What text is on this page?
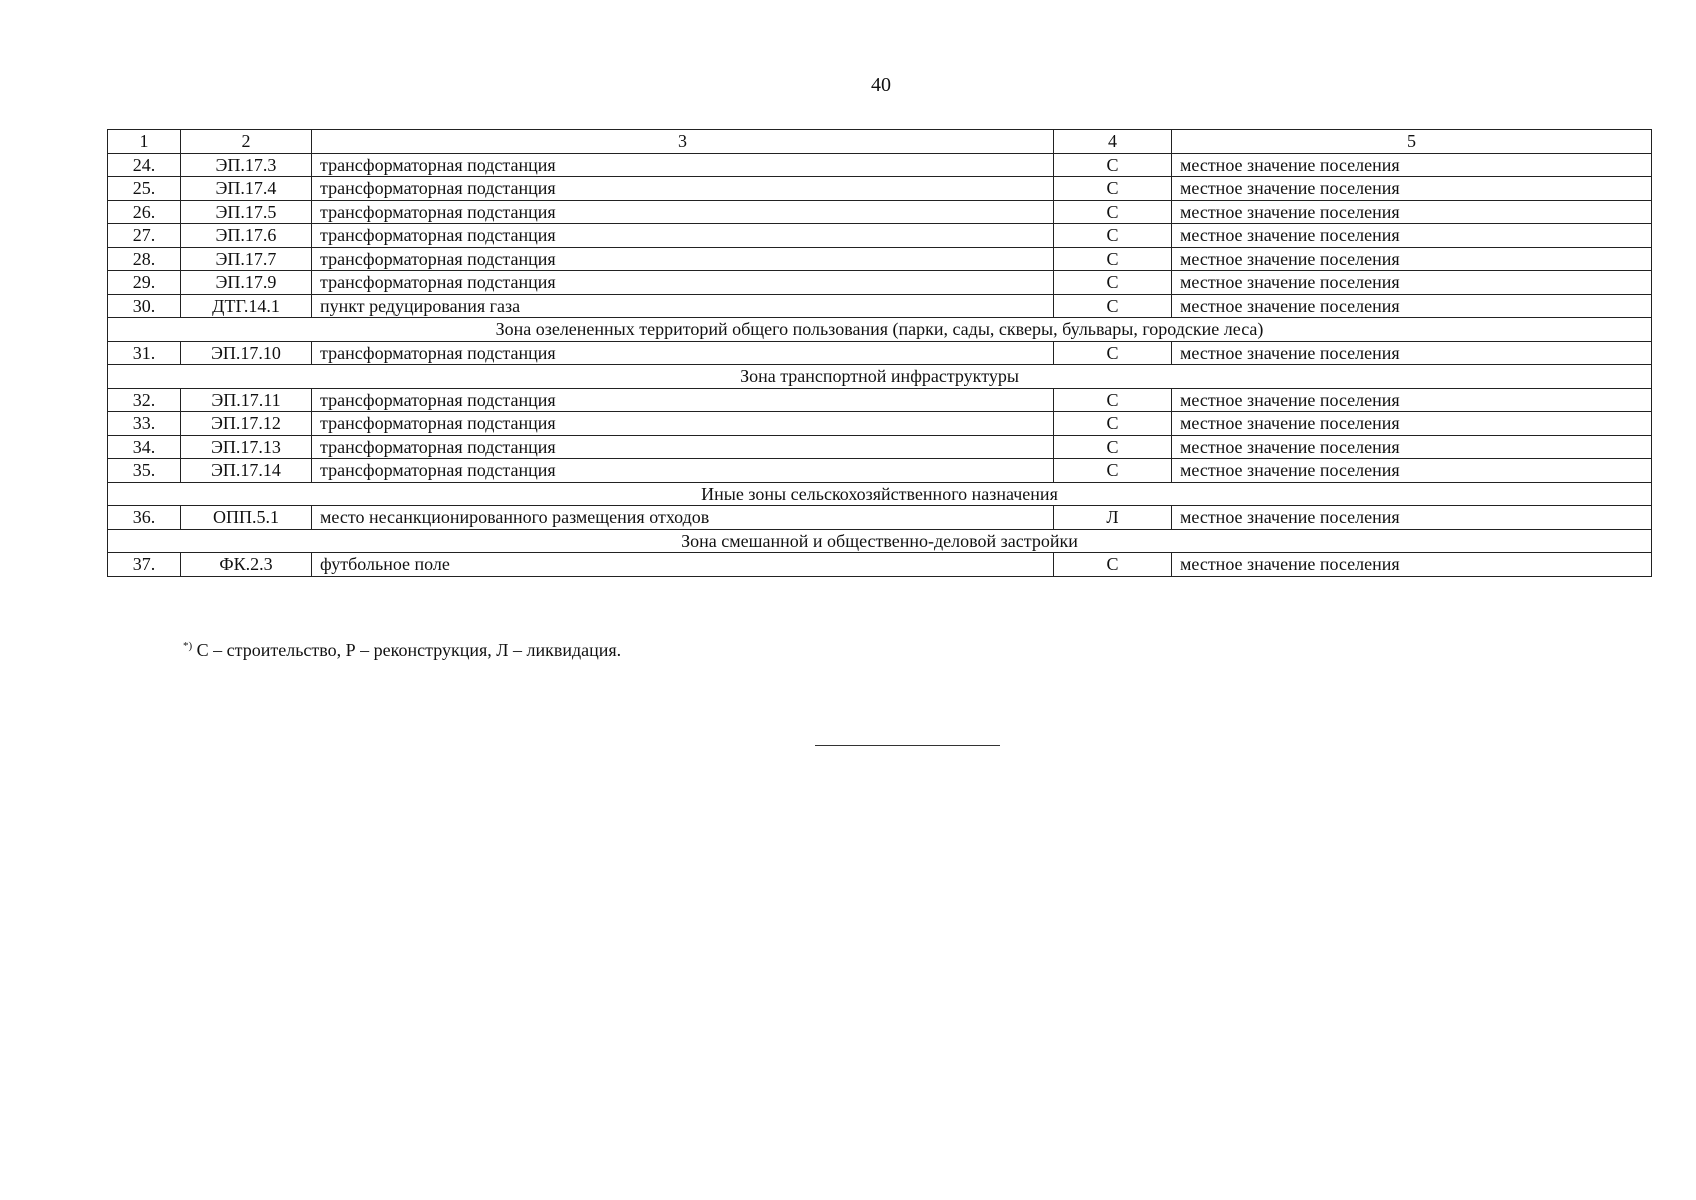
40
1	2	3	4	5
24.	ЭП.17.3	трансформаторная подстанция	С	местное значение поселения
25.	ЭП.17.4	трансформаторная подстанция	С	местное значение поселения
26.	ЭП.17.5	трансформаторная подстанция	С	местное значение поселения
27.	ЭП.17.6	трансформаторная подстанция	С	местное значение поселения
28.	ЭП.17.7	трансформаторная подстанция	С	местное значение поселения
29.	ЭП.17.9	трансформаторная подстанция	С	местное значение поселения
30.	ДТГ.14.1	пункт редуцирования газа	С	местное значение поселения
Зона озелененных территорий общего пользования (парки, сады, скверы, бульвары, городские леса)				
31.	ЭП.17.10	трансформаторная подстанция	С	местное значение поселения
Зона транспортной инфраструктуры				
32.	ЭП.17.11	трансформаторная подстанция	С	местное значение поселения
33.	ЭП.17.12	трансформаторная подстанция	С	местное значение поселения
34.	ЭП.17.13	трансформаторная подстанция	С	местное значение поселения
35.	ЭП.17.14	трансформаторная подстанция	С	местное значение поселения
Иные зоны сельскохозяйственного назначения				
36.	ОПП.5.1	место несанкционированного размещения отходов	Л	местное значение поселения
Зона смешанной и общественно-деловой застройки				
37.	ФК.2.3	футбольное поле	С	местное значение поселения
*) С – строительство, Р – реконструкция, Л – ликвидация.
